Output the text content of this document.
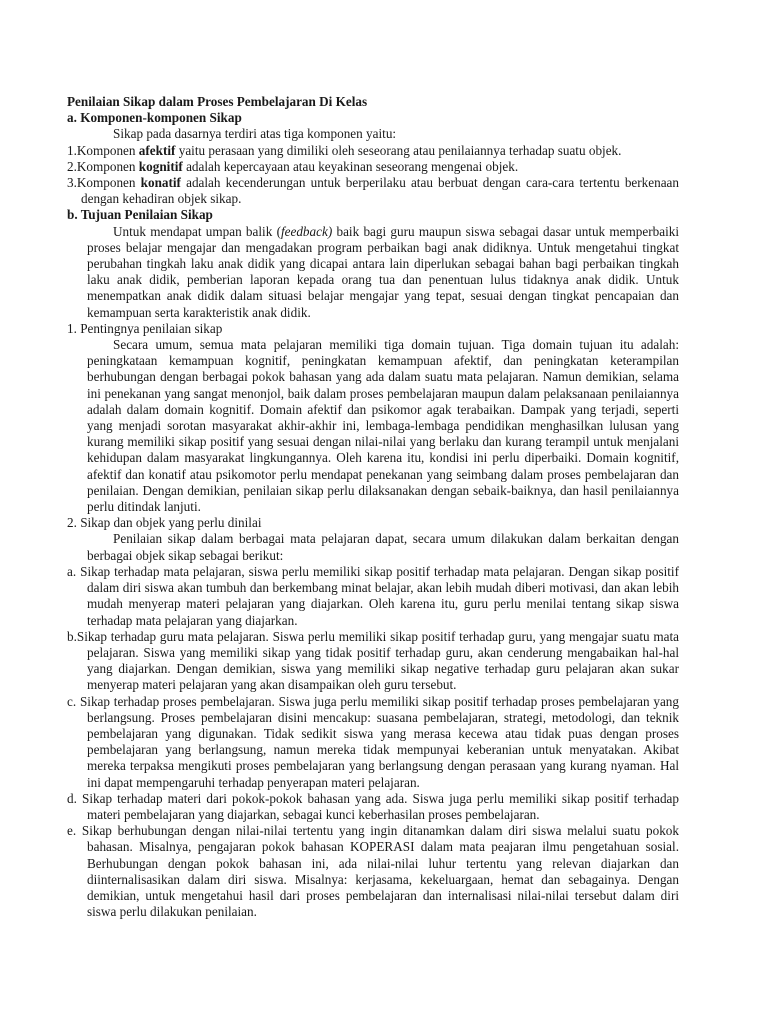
Penilaian Sikap dalam Proses Pembelajaran Di Kelas

a. Komponen-komponen Sikap

Sikap pada dasarnya terdiri atas tiga komponen yaitu:

1.Komponen afektif yaitu perasaan yang dimiliki oleh seseorang atau penilaiannya terhadap suatu objek.

2.Komponen kognitif adalah kepercayaan atau keyakinan seseorang mengenai objek.

3.Komponen konatif adalah kecenderungan untuk berperilaku atau berbuat dengan cara-cara tertentu berkenaan dengan kehadiran objek sikap.

b. Tujuan Penilaian Sikap

Untuk mendapat umpan balik (feedback) baik bagi guru maupun siswa sebagai dasar untuk memperbaiki proses belajar mengajar dan mengadakan program perbaikan bagi anak didiknya. Untuk mengetahui tingkat perubahan tingkah laku anak didik yang dicapai antara lain diperlukan sebagai bahan bagi perbaikan tingkah laku anak didik, pemberian laporan kepada orang tua dan penentuan lulus tidaknya anak didik. Untuk menempatkan anak didik dalam situasi belajar mengajar yang tepat, sesuai dengan tingkat pencapaian dan kemampuan serta karakteristik anak didik.

1. Pentingnya penilaian sikap

Secara umum, semua mata pelajaran memiliki tiga domain tujuan. Tiga domain tujuan itu adalah: peningkataan kemampuan kognitif, peningkatan kemampuan afektif, dan peningkatan keterampilan berhubungan dengan berbagai pokok bahasan yang ada dalam suatu mata pelajaran. Namun demikian, selama ini penekanan yang sangat menonjol, baik dalam proses pembelajaran maupun dalam pelaksanaan penilaiannya adalah dalam domain kognitif. Domain afektif dan psikomor agak terabaikan. Dampak yang terjadi, seperti yang menjadi sorotan masyarakat akhir-akhir ini, lembaga-lembaga pendidikan menghasilkan lulusan yang kurang memiliki sikap positif yang sesuai dengan nilai-nilai yang berlaku dan kurang terampil untuk menjalani kehidupan dalam masyarakat lingkungannya. Oleh karena itu, kondisi ini perlu diperbaiki. Domain kognitif, afektif dan konatif atau psikomotor perlu mendapat penekanan yang seimbang dalam proses pembelajaran dan penilaian. Dengan demikian, penilaian sikap perlu dilaksanakan dengan sebaik-baiknya, dan hasil penilaiannya perlu ditindak lanjuti.

2. Sikap dan objek yang perlu dinilai

Penilaian sikap dalam berbagai mata pelajaran dapat, secara umum dilakukan dalam berkaitan dengan berbagai objek sikap sebagai berikut:

a. Sikap terhadap mata pelajaran, siswa perlu memiliki sikap positif terhadap mata pelajaran. Dengan sikap positif dalam diri siswa akan tumbuh dan berkembang minat belajar, akan lebih mudah diberi motivasi, dan akan lebih mudah menyerap materi pelajaran yang diajarkan. Oleh karena itu, guru perlu menilai tentang sikap siswa terhadap mata pelajaran yang diajarkan.

b.Sikap terhadap guru mata pelajaran. Siswa perlu memiliki sikap positif terhadap guru, yang mengajar suatu mata pelajaran. Siswa yang memiliki sikap yang tidak positif terhadap guru, akan cenderung mengabaikan hal-hal yang diajarkan. Dengan demikian, siswa yang memiliki sikap negative terhadap guru pelajaran akan sukar menyerap materi pelajaran yang akan disampaikan oleh guru tersebut.

c. Sikap terhadap proses pembelajaran. Siswa juga perlu memiliki sikap positif terhadap proses pembelajaran yang berlangsung. Proses pembelajaran disini mencakup: suasana pembelajaran, strategi, metodologi, dan teknik pembelajaran yang digunakan. Tidak sedikit siswa yang merasa kecewa atau tidak puas dengan proses pembelajaran yang berlangsung, namun mereka tidak mempunyai keberanian untuk menyatakan. Akibat mereka terpaksa mengikuti proses pembelajaran yang berlangsung dengan perasaan yang kurang nyaman. Hal ini dapat mempengaruhi terhadap penyerapan materi pelajaran.

d. Sikap terhadap materi dari pokok-pokok bahasan yang ada. Siswa juga perlu memiliki sikap positif terhadap materi pembelajaran yang diajarkan, sebagai kunci keberhasilan proses pembelajaran.

e. Sikap berhubungan dengan nilai-nilai tertentu yang ingin ditanamkan dalam diri siswa melalui suatu pokok bahasan. Misalnya, pengajaran pokok bahasan KOPERASI dalam mata peajaran ilmu pengetahuan sosial. Berhubungan dengan pokok bahasan ini, ada nilai-nilai luhur tertentu yang relevan diajarkan dan diinternalisasikan dalam diri siswa. Misalnya: kerjasama, kekeluargaan, hemat dan sebagainya. Dengan demikian, untuk mengetahui hasil dari proses pembelajaran dan internalisasi nilai-nilai tersebut dalam diri siswa perlu dilakukan penilaian.
